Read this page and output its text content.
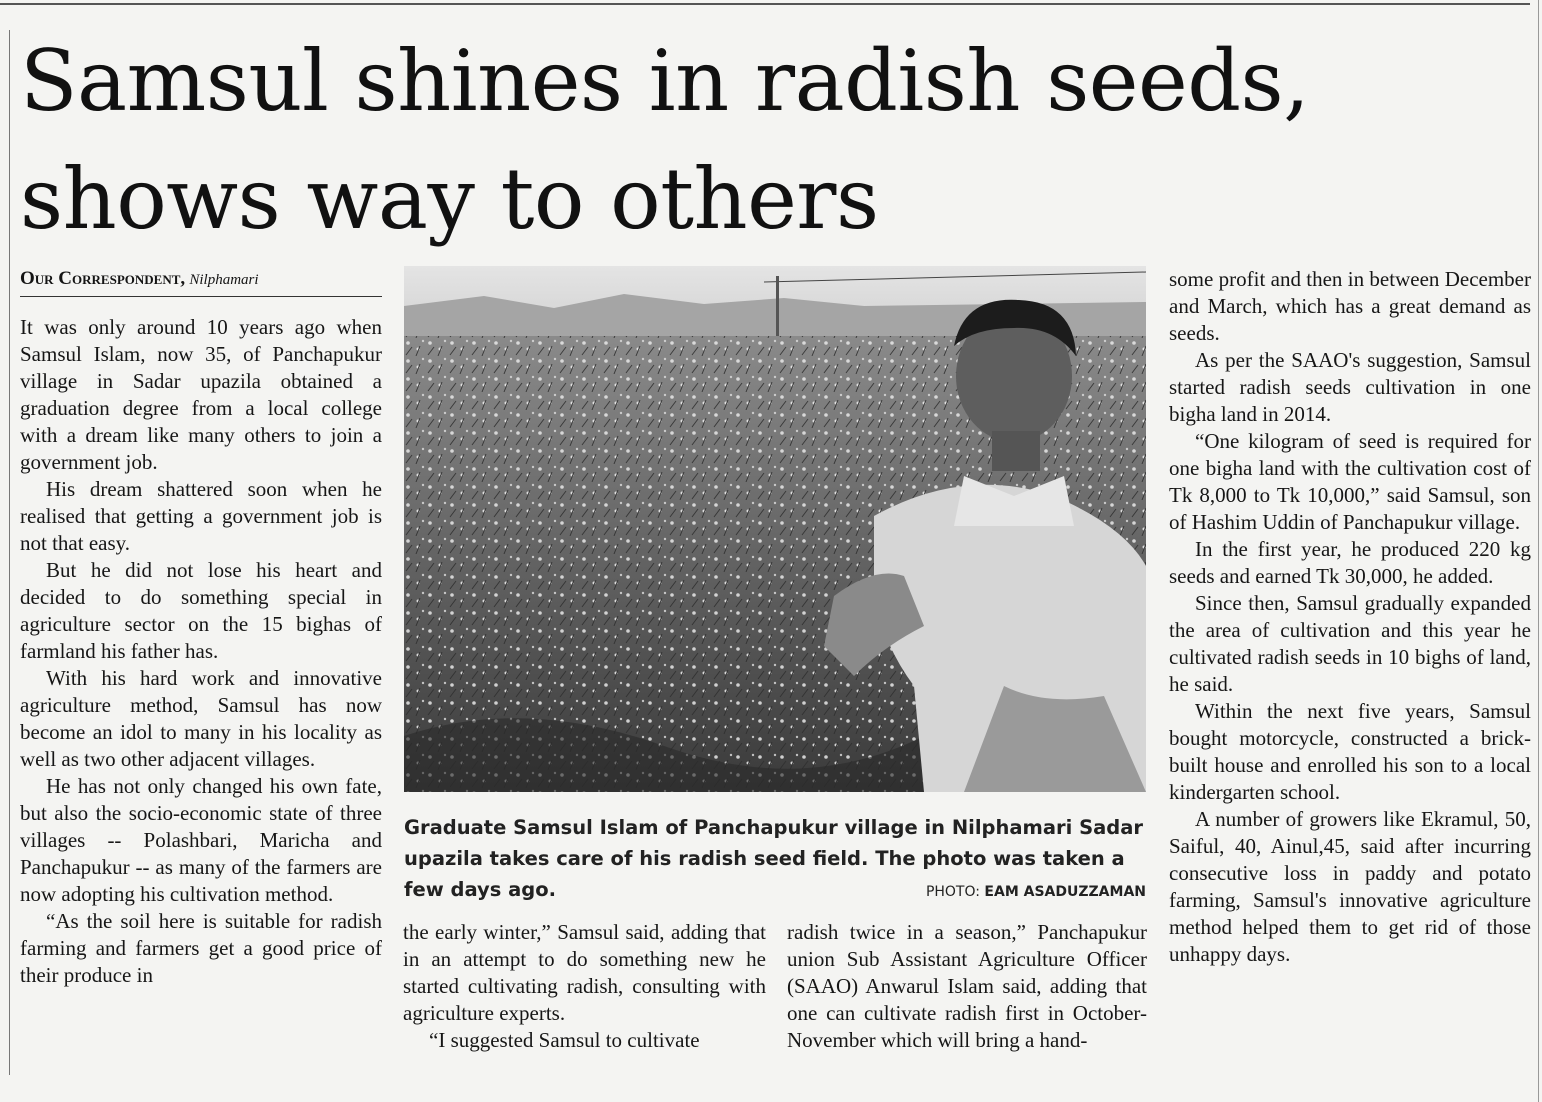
Samsul shines in radish seeds, shows way to others
Our Correspondent, Nilphamari

It was only around 10 years ago when Samsul Islam, now 35, of Panchapukur village in Sadar upazila obtained a graduation degree from a local college with a dream like many others to join a government job.

His dream shattered soon when he realised that getting a government job is not that easy.

But he did not lose his heart and decided to do something special in agriculture sector on the 15 bighas of farmland his father has.

With his hard work and innovative agriculture method, Samsul has now become an idol to many in his locality as well as two other adjacent villages.

He has not only changed his own fate, but also the socio-economic state of three villages -- Polashbari, Maricha and Panchapukur -- as many of the farmers are now adopting his cultivation method.

“As the soil here is suitable for radish farming and farmers get a good price of their produce in

Graduate Samsul Islam of Panchapukur village in Nilphamari Sadar upazila takes care of his radish seed field. The photo was taken a few days ago.	PHOTO: EAM ASADUZZAMAN

the early winter,” Samsul said, adding that in an attempt to do something new he started cultivating radish, consulting with agriculture experts.

“I suggested Samsul to cultivate

radish twice in a season,” Panchapukur union Sub Assistant Agriculture Officer (SAAO) Anwarul Islam said, adding that one can cultivate radish first in October-November which will bring a hand-

some profit and then in between December and March, which has a great demand as seeds.

As per the SAAO's suggestion, Samsul started radish seeds cultivation in one bigha land in 2014.

“One kilogram of seed is required for one bigha land with the cultivation cost of Tk 8,000 to Tk 10,000,” said Samsul, son of Hashim Uddin of Panchapukur village.

In the first year, he produced 220 kg seeds and earned Tk 30,000, he added.

Since then, Samsul gradually expanded the area of cultivation and this year he cultivated radish seeds in 10 bighs of land, he said.

Within the next five years, Samsul bought motorcycle, constructed a brick- built house and enrolled his son to a local kindergarten school.

A number of growers like Ekramul, 50, Saiful, 40, Ainul,45, said after incurring consecutive loss in paddy and potato farming, Samsul's innovative agriculture method helped them to get rid of those unhappy days.
